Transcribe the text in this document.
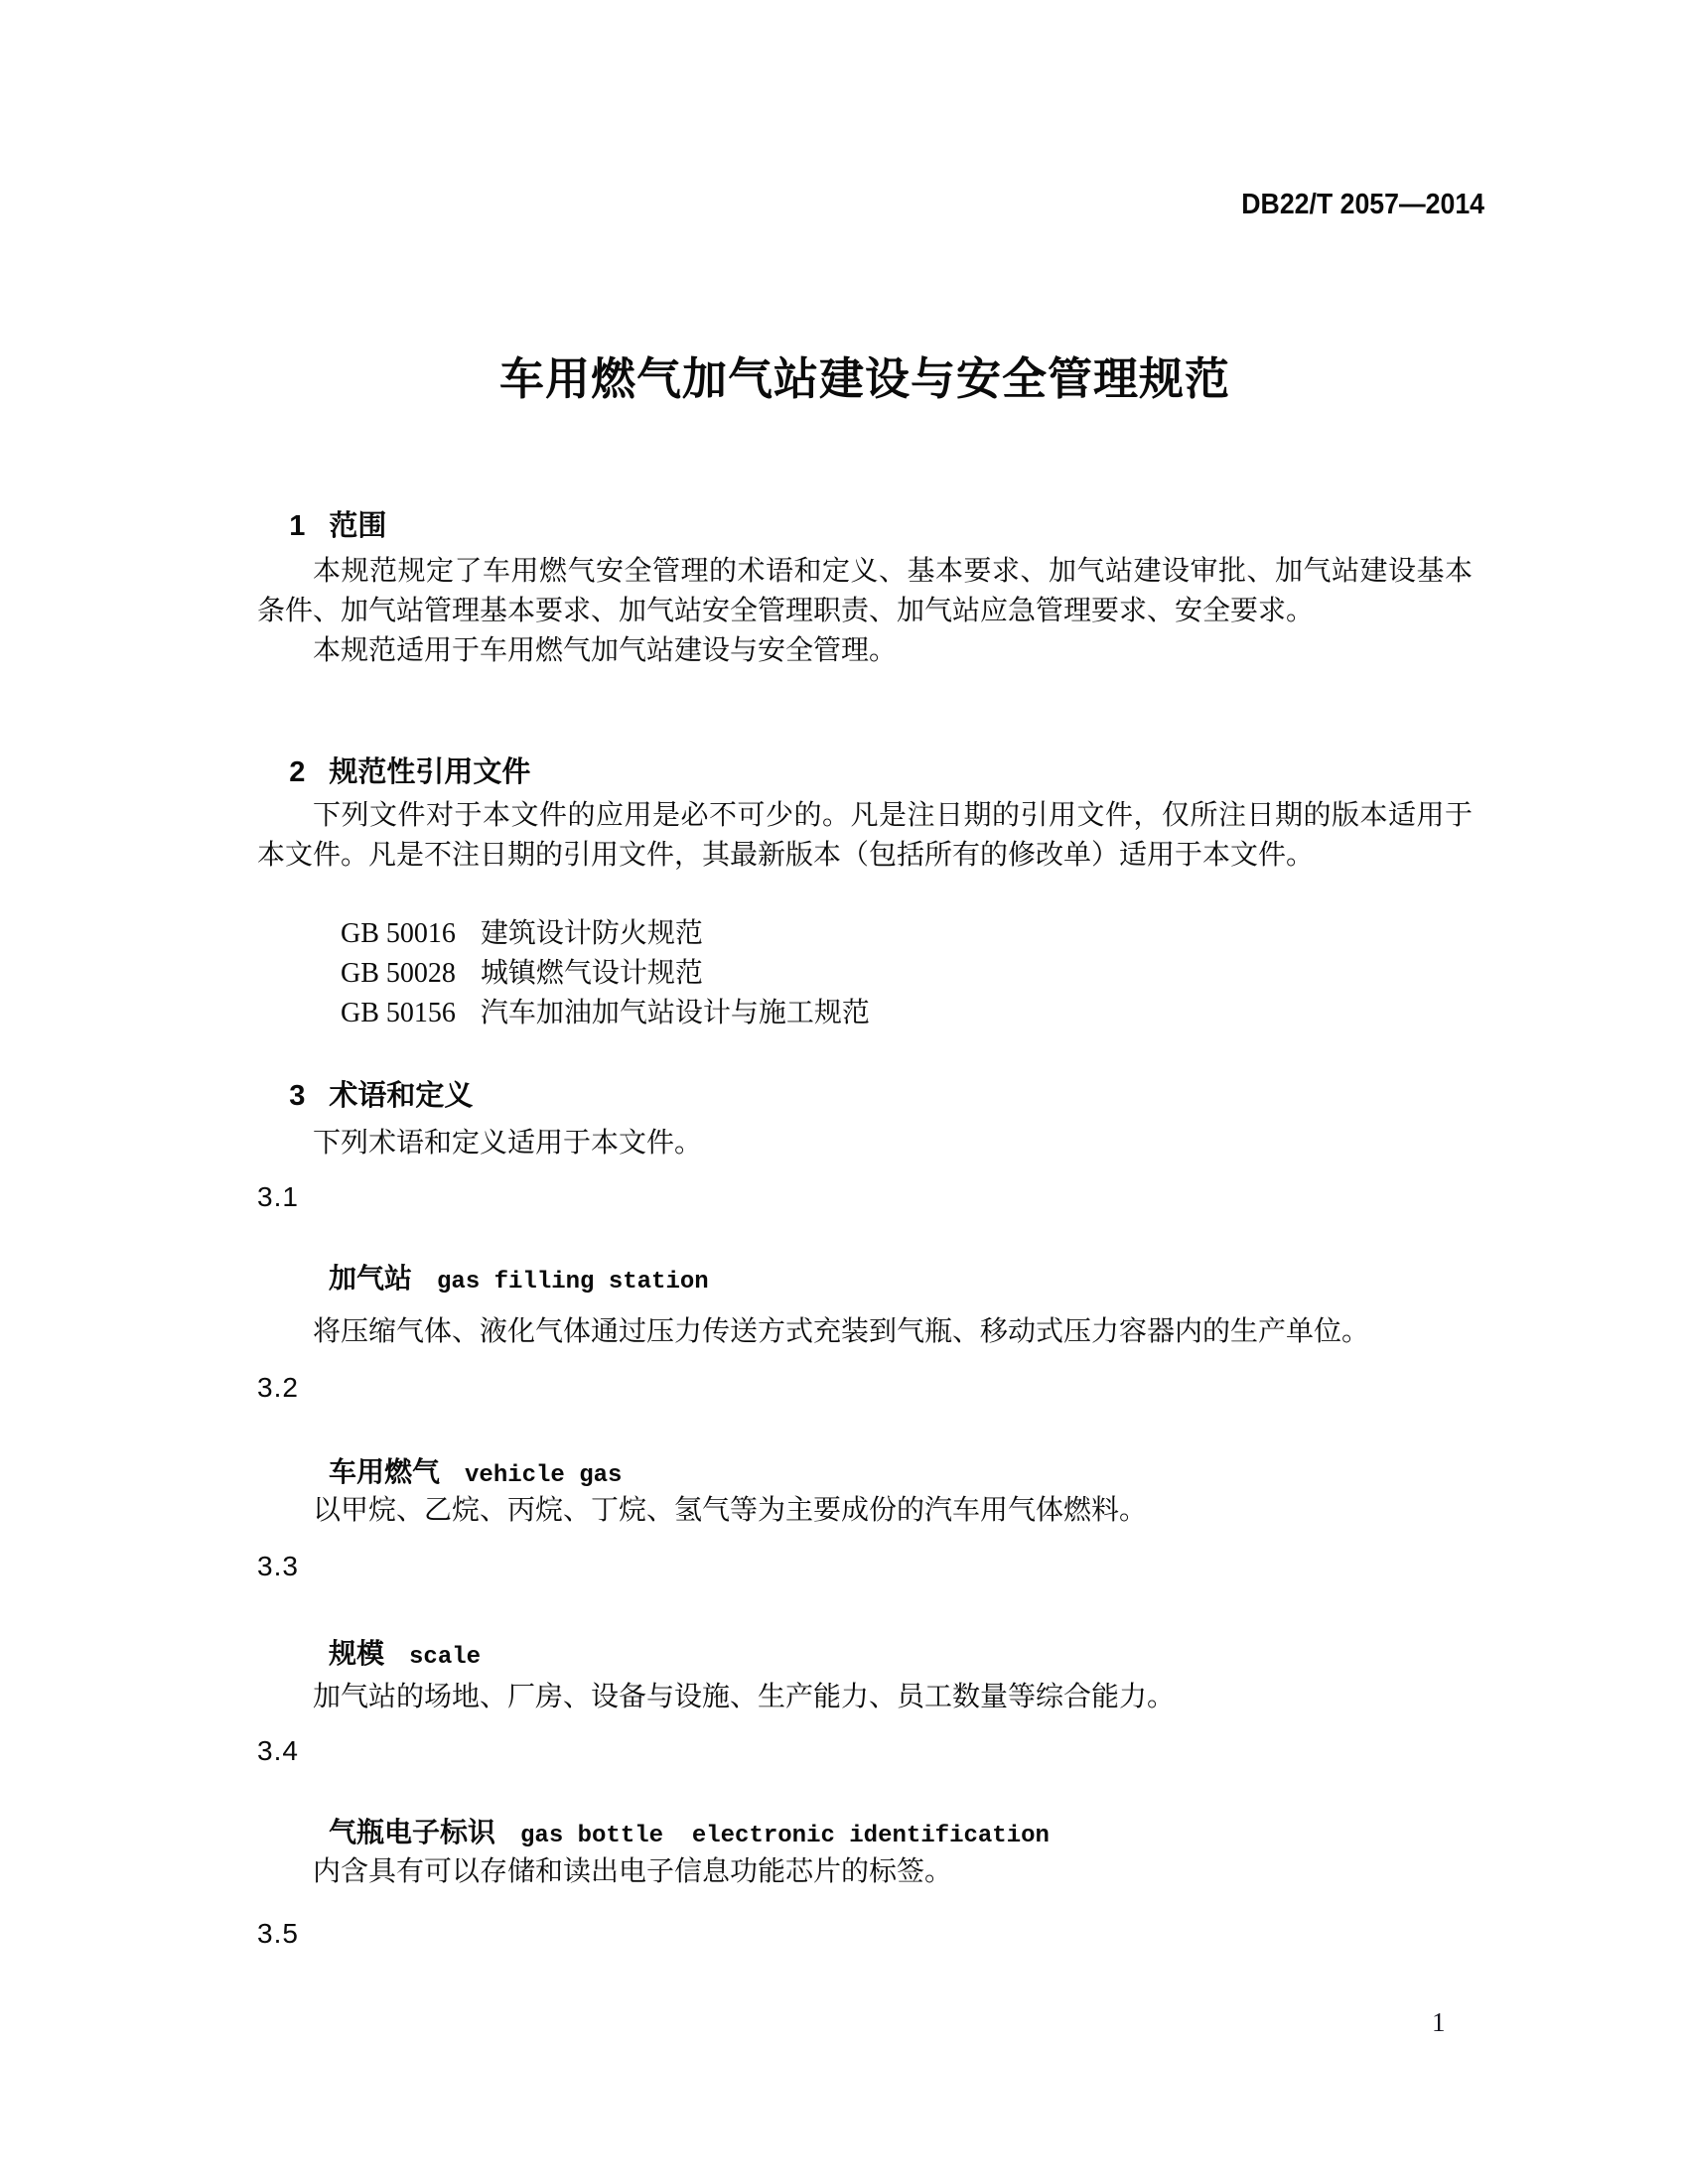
DB22/T 2057—2014
车用燃气加气站建设与安全管理规范

1 范围

本规范规定了车用燃气安全管理的术语和定义、基本要求、加气站建设审批、加气站建设基本条件、加气站管理基本要求、加气站安全管理职责、加气站应急管理要求、安全要求。
本规范适用于车用燃气加气站建设与安全管理。

2 规范性引用文件

下列文件对于本文件的应用是必不可少的。凡是注日期的引用文件，仅所注日期的版本适用于本文件。凡是不注日期的引用文件，其最新版本（包括所有的修改单）适用于本文件。

GB 50016 建筑设计防火规范

GB 50028 城镇燃气设计规范

GB 50156 汽车加油加气站设计与施工规范

3 术语和定义

下列术语和定义适用于本文件。
3.1

加气站 gas filling station

将压缩气体、液化气体通过压力传送方式充装到气瓶、移动式压力容器内的生产单位。
3.2

车用燃气 vehicle gas

以甲烷、乙烷、丙烷、丁烷、氢气等为主要成份的汽车用气体燃料。
3.3

规模 scale

加气站的场地、厂房、设备与设施、生产能力、员工数量等综合能力。
3.4

气瓶电子标识 gas bottle  electronic identification

内含具有可以存储和读出电子信息功能芯片的标签。
3.5
1
